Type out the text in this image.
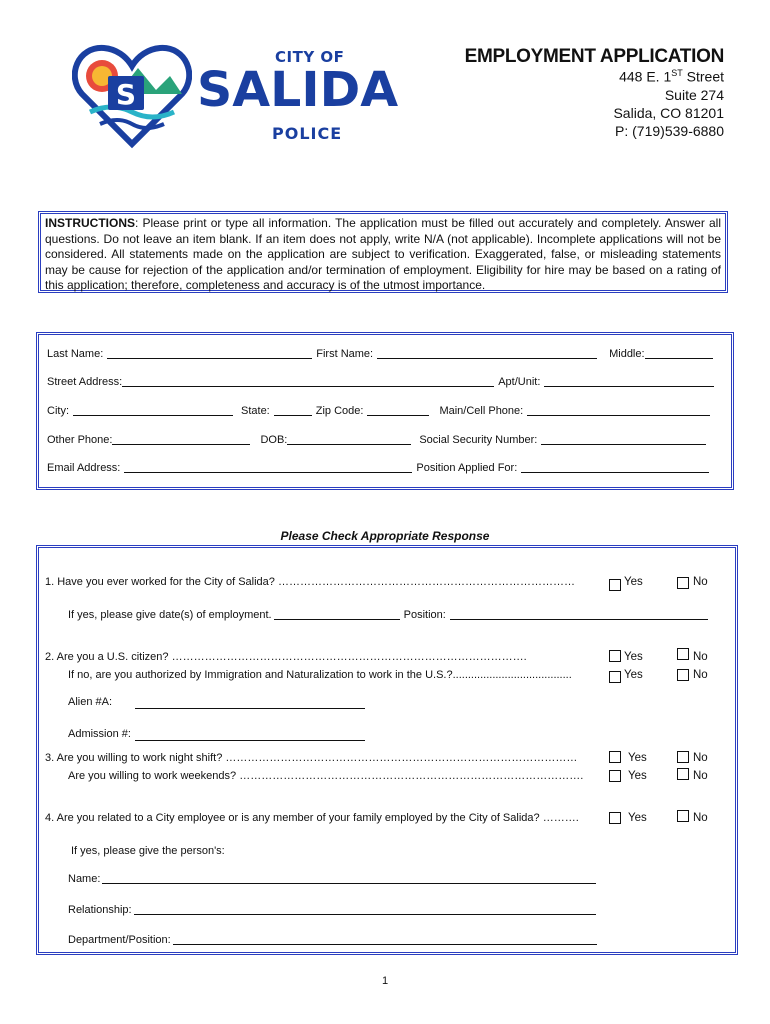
S
CITY OF
SALIDA
POLICE
EMPLOYMENT APPLICATION
448 E. 1ST Street
Suite 274
Salida, CO 81201
P: (719)539-6880
INSTRUCTIONS: Please print or type all information. The application must be filled out accurately and completely. Answer all questions. Do not leave an item blank. If an item does not apply, write N/A (not applicable). Incomplete applications will not be considered. All statements made on the application are subject to verification. Exaggerated, false, or misleading statements may be cause for rejection of the application and/or termination of employment. Eligibility for hire may be based on a rating of this application; therefore, completeness and accuracy is of the utmost importance.
Last Name:	First Name:	Middle:
Street Address:	Apt/Unit:
City:	State:	Zip Code:	Main/Cell Phone:
Other Phone:	DOB:	Social Security Number:
Email Address:	Position Applied For:
Please Check Appropriate Response
1. Have you ever worked for the City of Salida? ………………………………………………………………………	Yes	No
If yes, please give date(s) of employment.	Position:
2. Are you a U.S. citizen? …………………………………………………………………………………….	Yes	No
If no, are you authorized by Immigration and Naturalization to work in the U.S.?.......................................	Yes	No
Alien #A:
Admission #:
3. Are you willing to work night shift? ……………………………………………………………………………………	Yes	No
Are you willing to work weekends? ………………………………………………………………………………….	Yes	No
4. Are you related to a City employee or is any member of your family employed by the City of Salida? ……….	Yes	No
If yes, please give the person's:
Name:
Relationship:
Department/Position:
1
